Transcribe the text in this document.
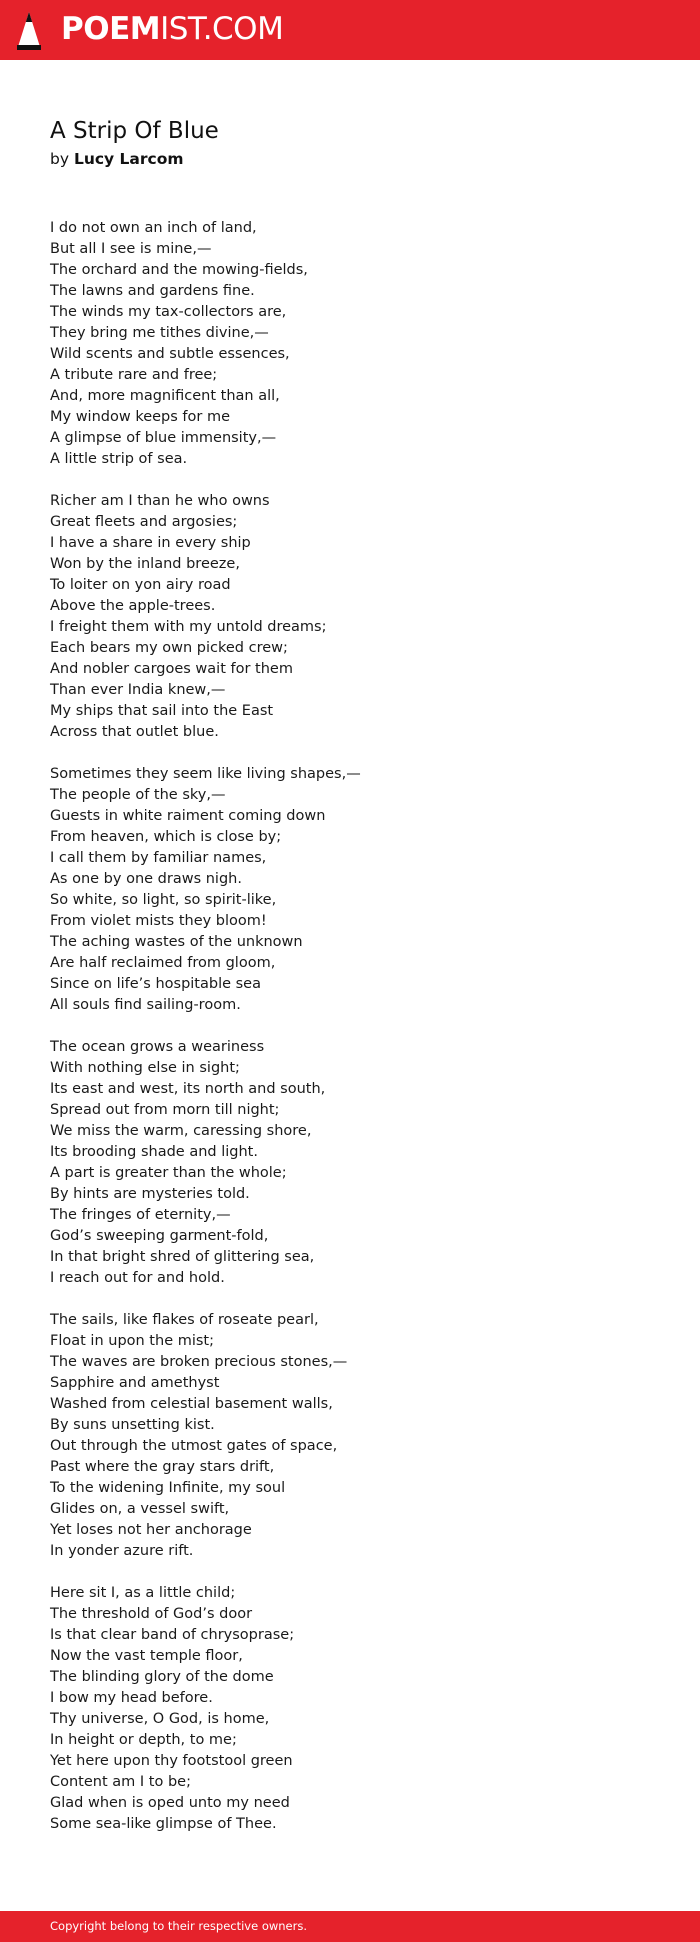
POEMIST.COM
A Strip Of Blue
by Lucy Larcom
I do not own an inch of land,
But all I see is mine,—
The orchard and the mowing-fields,
The lawns and gardens fine.
The winds my tax-collectors are,
They bring me tithes divine,—
Wild scents and subtle essences,
A tribute rare and free;
And, more magnificent than all,
My window keeps for me
A glimpse of blue immensity,—
A little strip of sea.
Richer am I than he who owns
Great fleets and argosies;
I have a share in every ship
Won by the inland breeze,
To loiter on yon airy road
Above the apple-trees.
I freight them with my untold dreams;
Each bears my own picked crew;
And nobler cargoes wait for them
Than ever India knew,—
My ships that sail into the East
Across that outlet blue.
Sometimes they seem like living shapes,—
The people of the sky,—
Guests in white raiment coming down
From heaven, which is close by;
I call them by familiar names,
As one by one draws nigh.
So white, so light, so spirit-like,
From violet mists they bloom!
The aching wastes of the unknown
Are half reclaimed from gloom,
Since on life’s hospitable sea
All souls find sailing-room.
The ocean grows a weariness
With nothing else in sight;
Its east and west, its north and south,
Spread out from morn till night;
We miss the warm, caressing shore,
Its brooding shade and light.
A part is greater than the whole;
By hints are mysteries told.
The fringes of eternity,—
God’s sweeping garment-fold,
In that bright shred of glittering sea,
I reach out for and hold.
The sails, like flakes of roseate pearl,
Float in upon the mist;
The waves are broken precious stones,—
Sapphire and amethyst
Washed from celestial basement walls,
By suns unsetting kist.
Out through the utmost gates of space,
Past where the gray stars drift,
To the widening Infinite, my soul
Glides on, a vessel swift,
Yet loses not her anchorage
In yonder azure rift.
Here sit I, as a little child;
The threshold of God’s door
Is that clear band of chrysoprase;
Now the vast temple floor,
The blinding glory of the dome
I bow my head before.
Thy universe, O God, is home,
In height or depth, to me;
Yet here upon thy footstool green
Content am I to be;
Glad when is oped unto my need
Some sea-like glimpse of Thee.
Copyright belong to their respective owners.
